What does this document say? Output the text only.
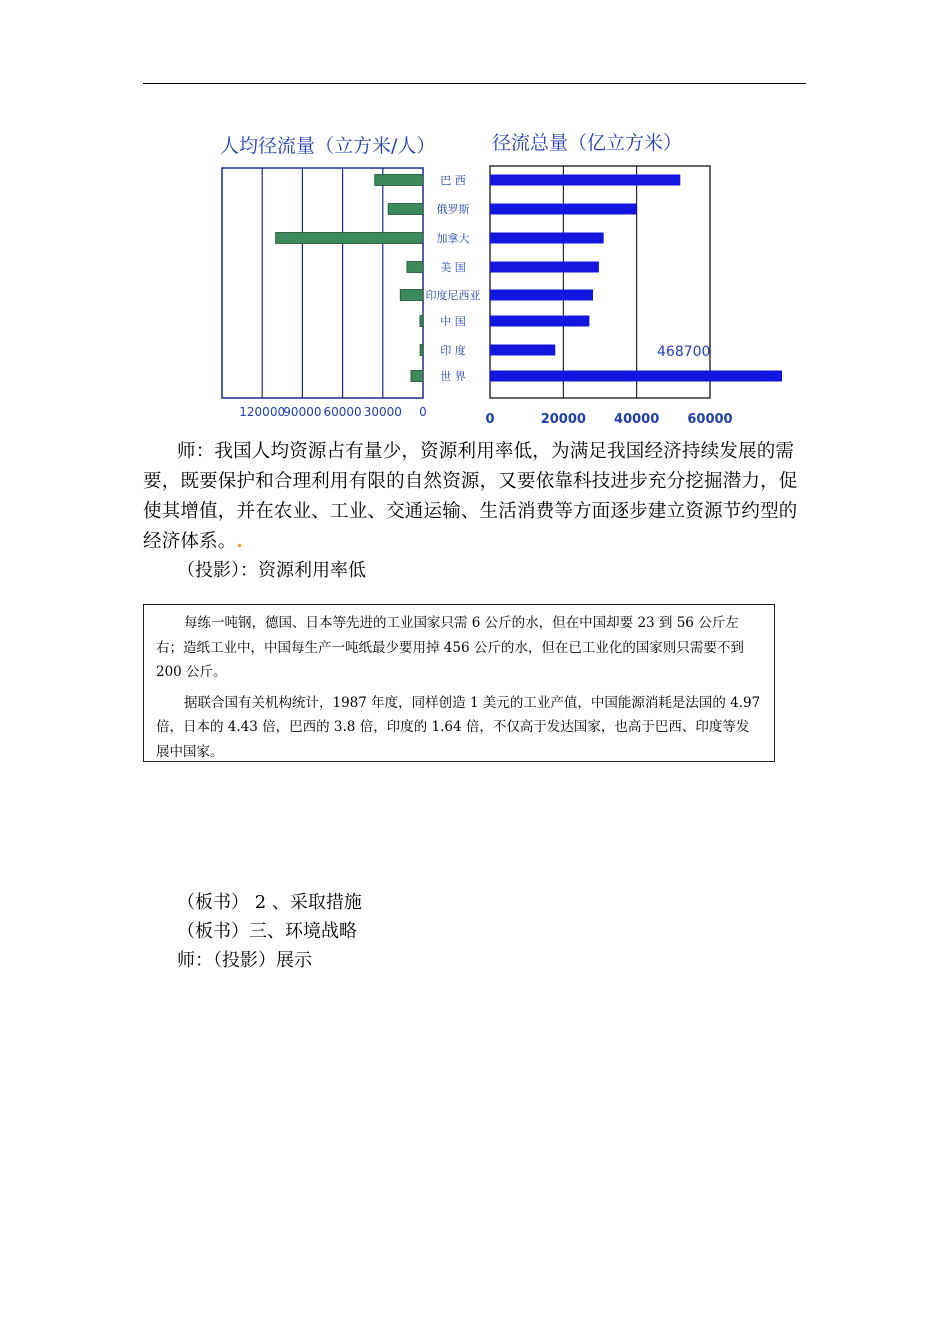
人均径流量（立方米/人）	径流总量（亿立方米）
巴 西
俄罗斯
加拿大
美 国
印度尼西亚
中 国
印 度
世 界
120000
90000 60000 30000 0	0	20000 40000 60000
468700

师：我国人均资源占有量少，资源利用率低，为满足我国经济持续发展的需要，既要保护和合理利用有限的自然资源，又要依靠科技进步充分挖掘潜力，促使其增值，并在农业、工业、交通运输、生活消费等方面逐步建立资源节约型的经济体系。.

（投影）：资源利用率低

每练一吨钢，德国、日本等先进的工业国家只需 6 公斤的水，但在中国却要 23 到 56 公斤左右；造纸工业中，中国每生产一吨纸最少要用掉 456 公斤的水，但在已工业化的国家则只需要不到 200 公斤。

据联合国有关机构统计，1987 年度，同样创造 1 美元的工业产值，中国能源消耗是法国的 4.97 倍，日本的 4.43 倍，巴西的 3.8 倍，印度的 1.64 倍，不仅高于发达国家，也高于巴西、印度等发展中国家。

（板书） 2 、采取措施

（板书）三、环境战略

师：（投影）展示
